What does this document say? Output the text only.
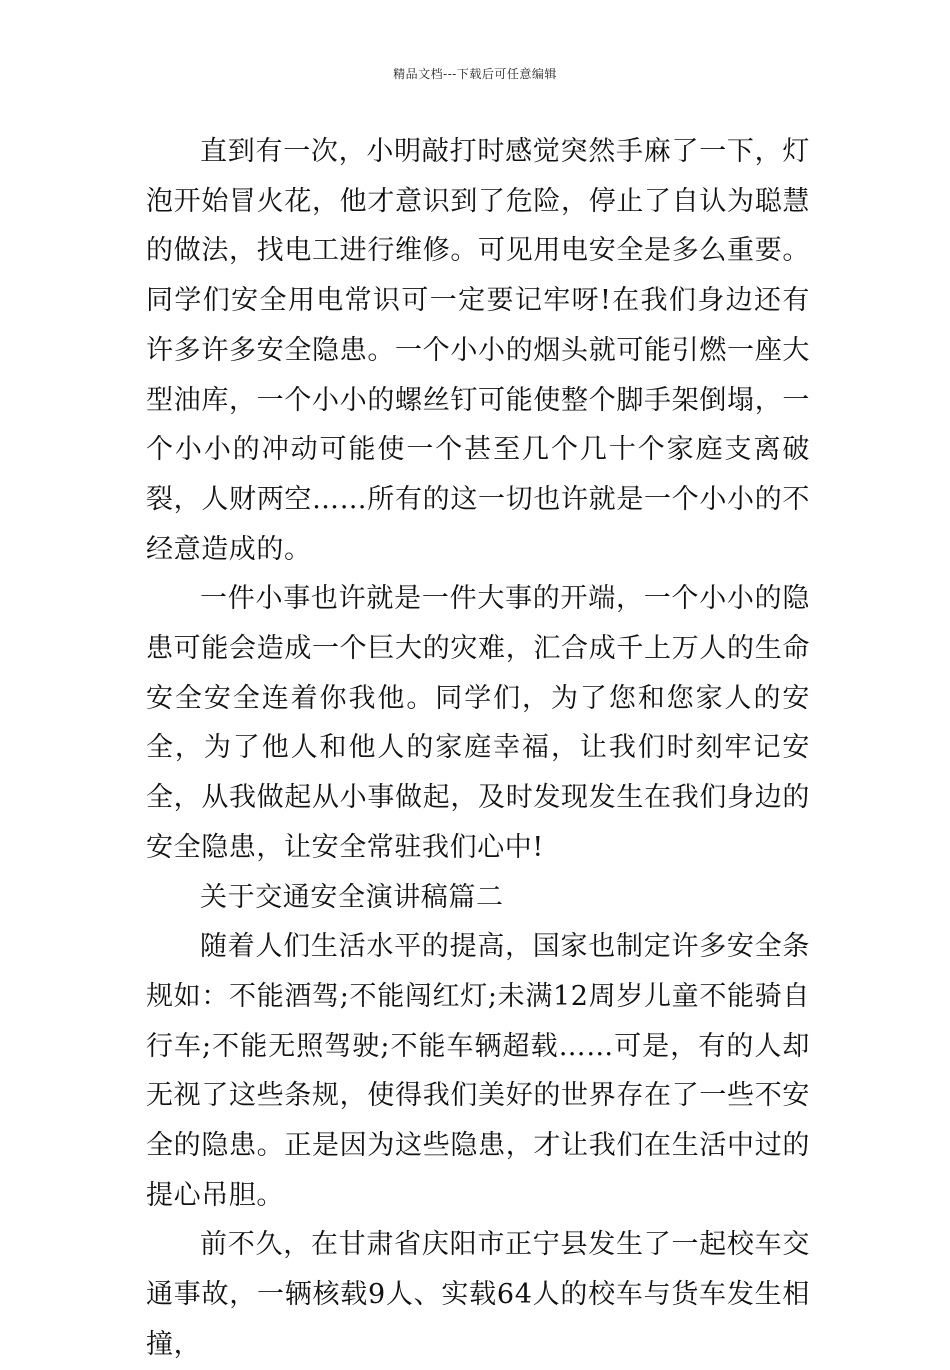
精品文档---下载后可任意编辑

直到有一次，小明敲打时感觉突然手麻了一下，灯泡开始冒火花，他才意识到了危险，停止了自认为聪慧的做法，找电工进行维修。可见用电安全是多么重要。同学们安全用电常识可一定要记牢呀!在我们身边还有许多许多安全隐患。一个小小的烟头就可能引燃一座大型油库，一个小小的螺丝钉可能使整个脚手架倒塌，一个小小的冲动可能使一个甚至几个几十个家庭支离破裂，人财两空……所有的这一切也许就是一个小小的不经意造成的。

一件小事也许就是一件大事的开端，一个小小的隐患可能会造成一个巨大的灾难，汇合成千上万人的生命安全安全连着你我他。同学们，为了您和您家人的安全，为了他人和他人的家庭幸福，让我们时刻牢记安全，从我做起从小事做起，及时发现发生在我们身边的安全隐患，让安全常驻我们心中!

关于交通安全演讲稿篇二

随着人们生活水平的提高，国家也制定许多安全条规如：不能酒驾;不能闯红灯;未满12周岁儿童不能骑自行车;不能无照驾驶;不能车辆超载……可是，有的人却无视了这些条规，使得我们美好的世界存在了一些不安全的隐患。正是因为这些隐患，才让我们在生活中过的提心吊胆。

前不久，在甘肃省庆阳市正宁县发生了一起校车交通事故，一辆核载9人、实载64人的校车与货车发生相撞，
